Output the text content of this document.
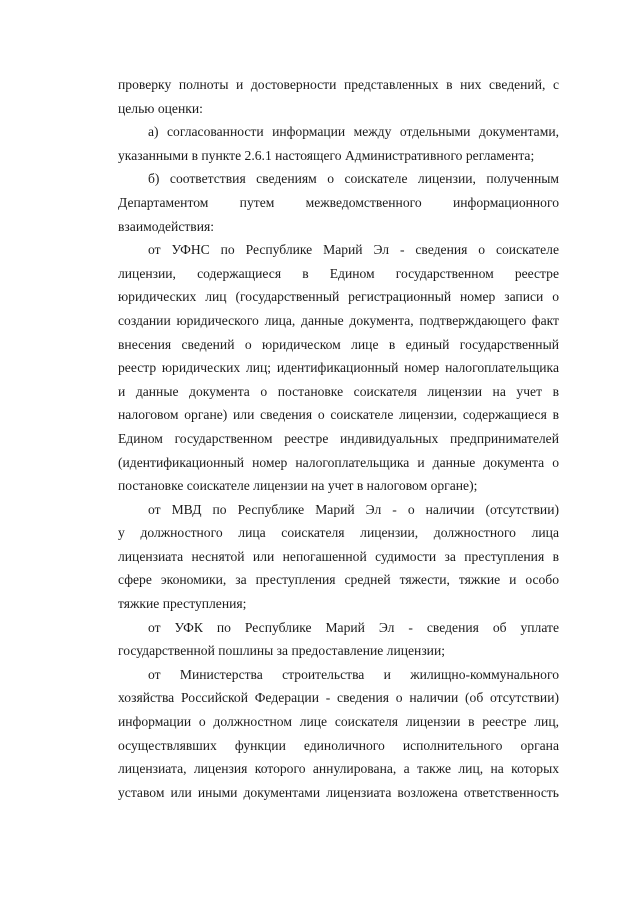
проверку полноты и достоверности представленных в них сведений, с
целью оценки:
а) согласованности информации между отдельными документами,
указанными в пункте 2.6.1 настоящего Административного регламента;
б) соответствия сведениям о соискателе лицензии, полученным
Департаментом путем межведомственного информационного
взаимодействия:
от УФНС по Республике Марий Эл - сведения о соискателе
лицензии, содержащиеся в Едином государственном реестре
юридических лиц (государственный регистрационный номер записи о
создании юридического лица, данные документа, подтверждающего факт
внесения сведений о юридическом лице в единый государственный
реестр юридических лиц; идентификационный номер налогоплательщика
и данные документа о постановке соискателя лицензии на учет в
налоговом органе) или сведения о соискателе лицензии, содержащиеся в
Едином государственном реестре индивидуальных предпринимателей
(идентификационный номер налогоплательщика и данные документа о
постановке соискателе лицензии на учет в налоговом органе);
от МВД по Республике Марий Эл - о наличии (отсутствии)
у должностного лица соискателя лицензии, должностного лица
лицензиата неснятой или непогашенной судимости за преступления в
сфере экономики, за преступления средней тяжести, тяжкие и особо
тяжкие преступления;
от УФК по Республике Марий Эл - сведения об уплате
государственной пошлины за предоставление лицензии;
от Министерства строительства и жилищно-коммунального
хозяйства Российской Федерации - сведения о наличии (об отсутствии)
информации о должностном лице соискателя лицензии в реестре лиц,
осуществлявших функции единоличного исполнительного органа
лицензиата, лицензия которого аннулирована, а также лиц, на которых
уставом или иными документами лицензиата возложена ответственность
